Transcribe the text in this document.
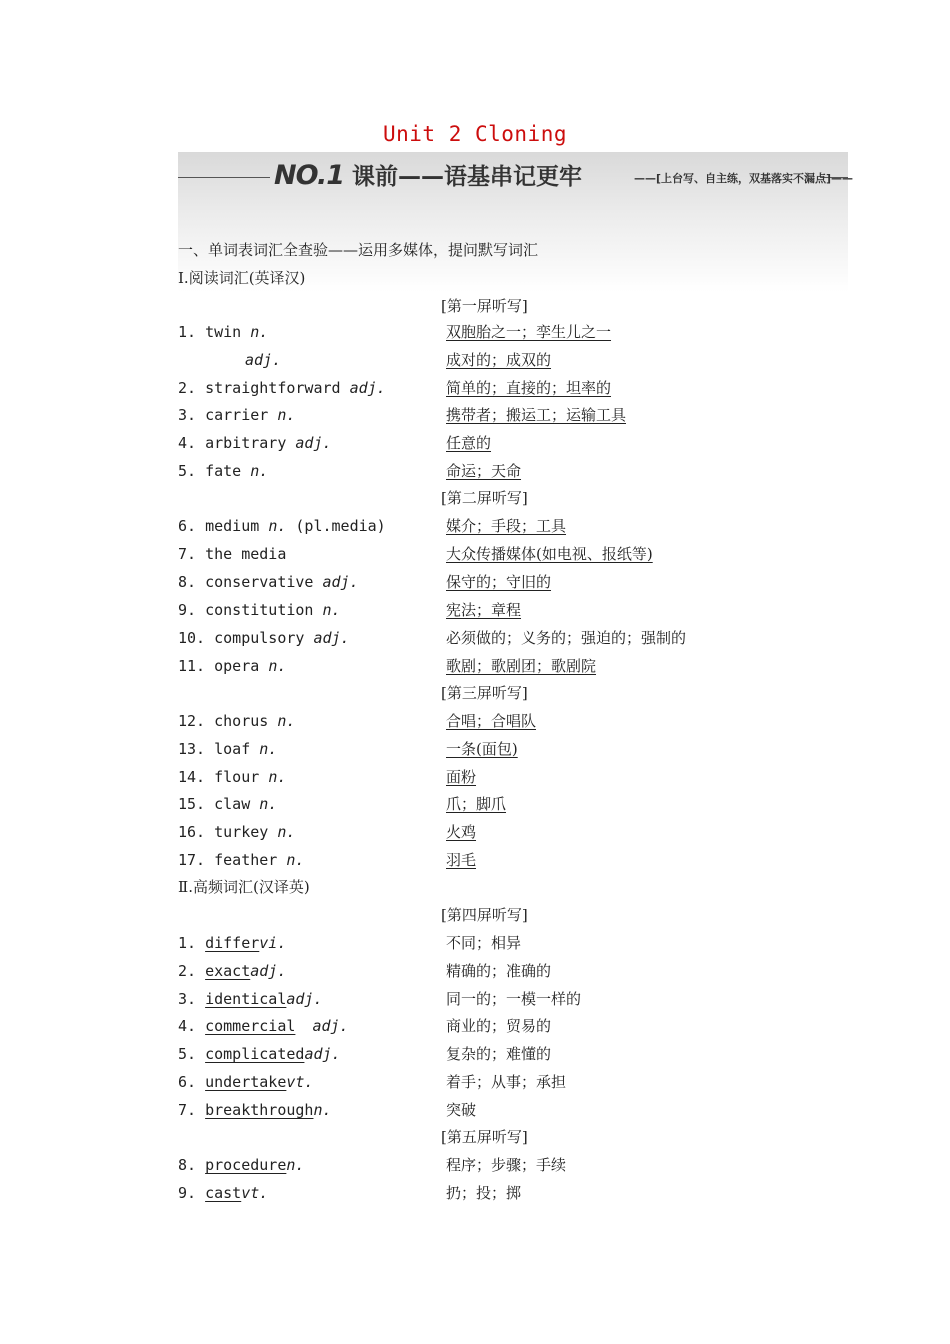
Unit 2 Cloning
NO.1 课前——语基串记更牢	——[上台写、自主练，双基落实不漏点]——
一、单词表词汇全查验——运用多媒体，提问默写词汇
Ⅰ.阅读词汇(英译汉)
[第一屏听写]
1. twin n.	双胞胎之一；孪生儿之一
adj.	成对的；成双的
2. straightforward adj.	简单的；直接的；坦率的
3. carrier n.	携带者；搬运工；运输工具
4. arbitrary adj.	任意的
5. fate n.	命运；天命
[第二屏听写]
6. medium n. (pl.media)	媒介；手段；工具
7. the media	大众传播媒体(如电视、报纸等)
8. conservative adj.	保守的；守旧的
9. constitution n.	宪法；章程
10. compulsory adj.	必须做的；义务的；强迫的；强制的
11. opera n.	歌剧；歌剧团；歌剧院
[第三屏听写]
12. chorus n.	合唱；合唱队
13. loaf n.	一条(面包)
14. flour n.	面粉
15. claw n.	爪；脚爪
16. turkey n.	火鸡
17. feather n.	羽毛
Ⅱ.高频词汇(汉译英)
[第四屏听写]
1. differvi.	不同；相异
2. exactadj.	精确的；准确的
3. identicaladj.	同一的；一模一样的
4. commercial adj.	商业的；贸易的
5. complicatedadj.	复杂的；难懂的
6. undertakevt.	着手；从事；承担
7. breakthroughn.	突破
[第五屏听写]
8. proceduren.	程序；步骤；手续
9. castvt.	扔；投；掷
